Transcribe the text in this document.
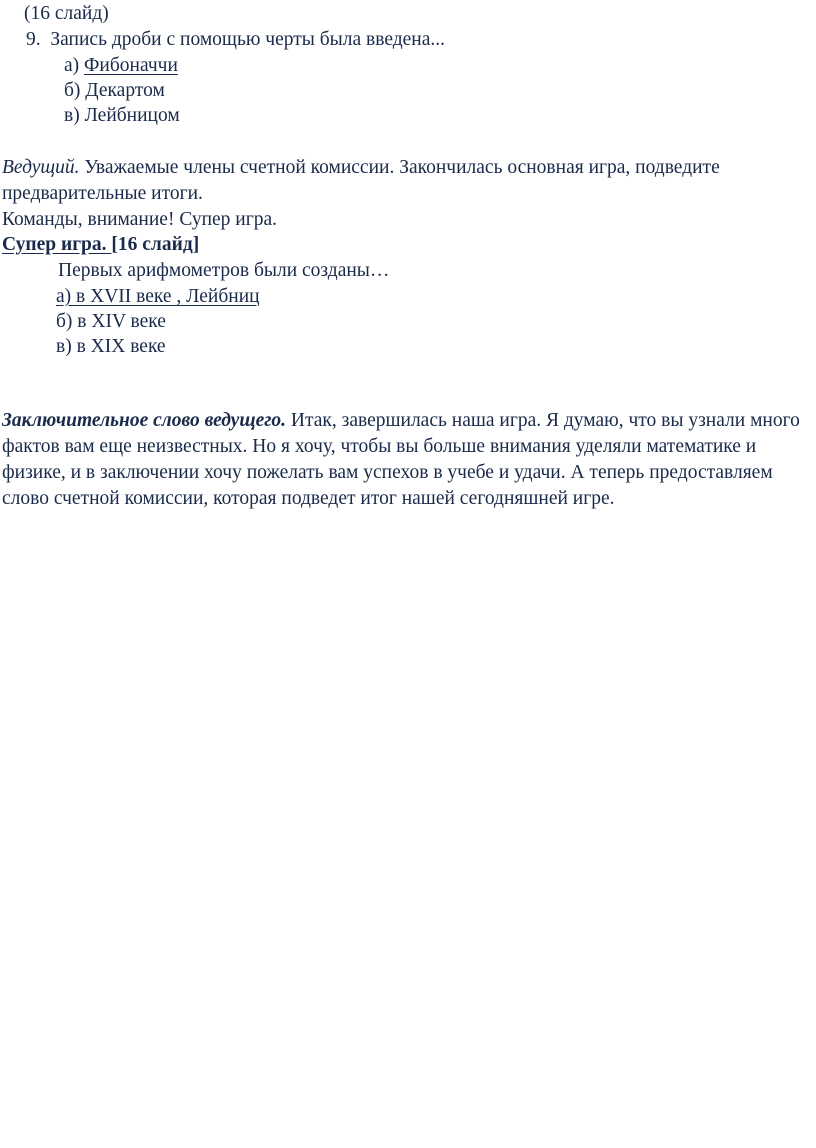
(16 слайд)
9.  Запись дроби с помощью черты была введена...
а) Фибоначчи
б) Декартом
в) Лейбницом
Ведущий. Уважаемые члены счетной комиссии. Закончилась основная игра, подведите предварительные итоги.
Команды, внимание! Супер игра.
Супер игра. [16 слайд]
Первых арифмометров были созданы…
а) в XVII веке , Лейбниц
б) в XIV веке
в) в XIX веке
Заключительное слово ведущего. Итак, завершилась наша игра. Я думаю, что вы узнали много фактов вам еще неизвестных. Но я хочу, чтобы вы больше внимания уделяли математике и физике, и в заключении хочу пожелать вам успехов в учебе и удачи. А теперь предоставляем слово счетной комиссии, которая подведет итог нашей сегодняшней игре.
